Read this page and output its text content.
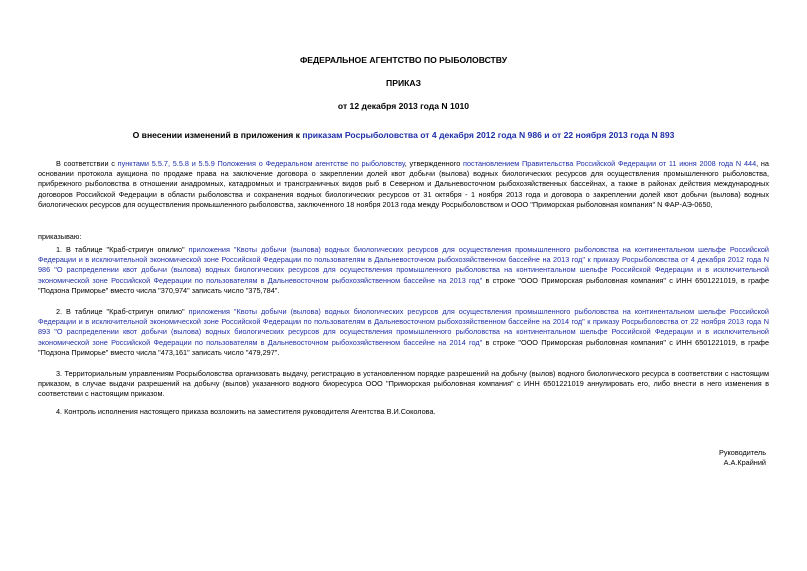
ФЕДЕРАЛЬНОЕ АГЕНТСТВО ПО РЫБОЛОВСТВУ
ПРИКАЗ
от 12 декабря 2013 года N 1010
О внесении изменений в приложения к приказам Росрыболовства от 4 декабря 2012 года N 986 и от 22 ноября 2013 года N 893
В соответствии с пунктами 5.5.7, 5.5.8 и 5.5.9 Положения о Федеральном агентстве по рыболовству, утвержденного постановлением Правительства Российской Федерации от 11 июня 2008 года N 444, на основании протокола аукциона по продаже права на заключение договора о закреплении долей квот добычи (вылова) водных биологических ресурсов для осуществления промышленного рыболовства, прибрежного рыболовства в отношении анадромных, катадромных и трансграничных видов рыб в Северном и Дальневосточном рыбохозяйственных бассейнах, а также в районах действия международных договоров Российской Федерации в области рыболовства и сохранения водных биологических ресурсов от 31 октября - 1 ноября 2013 года и договора о закреплении долей квот добычи (вылова) водных биологических ресурсов для осуществления промышленного рыболовства, заключенного 18 ноября 2013 года между Росрыболовством и ООО "Приморская рыболовная компания" N ФАР-АЭ-0650,
приказываю:
1. В таблице "Краб-стригун опилио" приложения "Квоты добычи (вылова) водных биологических ресурсов для осуществления промышленного рыболовства на континентальном шельфе Российской Федерации и в исключительной экономической зоне Российской Федерации по пользователям в Дальневосточном рыбохозяйственном бассейне на 2013 год" к приказу Росрыболовства от 4 декабря 2012 года N 986 "О распределении квот добычи (вылова) водных биологических ресурсов для осуществления промышленного рыболовства на континентальном шельфе Российской Федерации и в исключительной экономической зоне Российской Федерации по пользователям в Дальневосточном рыбохозяйственном бассейне на 2013 год" в строке "ООО Приморская рыболовная компания" с ИНН 6501221019, в графе "Подзона Приморье" вместо числа "370,974" записать число "375,784".
2. В таблице "Краб-стригун опилио" приложения "Квоты добычи (вылова) водных биологических ресурсов для осуществления промышленного рыболовства на континентальном шельфе Российской Федерации и в исключительной экономической зоне Российской Федерации по пользователям в Дальневосточном рыбохозяйственном бассейне на 2014 год" к приказу Росрыболовства от 22 ноября 2013 года N 893 "О распределении квот добычи (вылова) водных биологических ресурсов для осуществления промышленного рыболовства на континентальном шельфе Российской Федерации и в исключительной экономической зоне Российской Федерации по пользователям в Дальневосточном рыбохозяйственном бассейне на 2014 год" в строке "ООО Приморская рыболовная компания" с ИНН 6501221019, в графе "Подзона Приморье" вместо числа "473,161" записать число "479,297".
3. Территориальным управлениям Росрыболовства организовать выдачу, регистрацию в установленном порядке разрешений на добычу (вылов) водного биологического ресурса в соответствии с настоящим приказом, в случае выдачи разрешений на добычу (вылов) указанного водного биоресурса ООО "Приморская рыболовная компания" с ИНН 6501221019 аннулировать его, либо внести в него изменения в соответствии с настоящим приказом.
4. Контроль исполнения настоящего приказа возложить на заместителя руководителя Агентства В.И.Соколова.
Руководитель
А.А.Крайний
